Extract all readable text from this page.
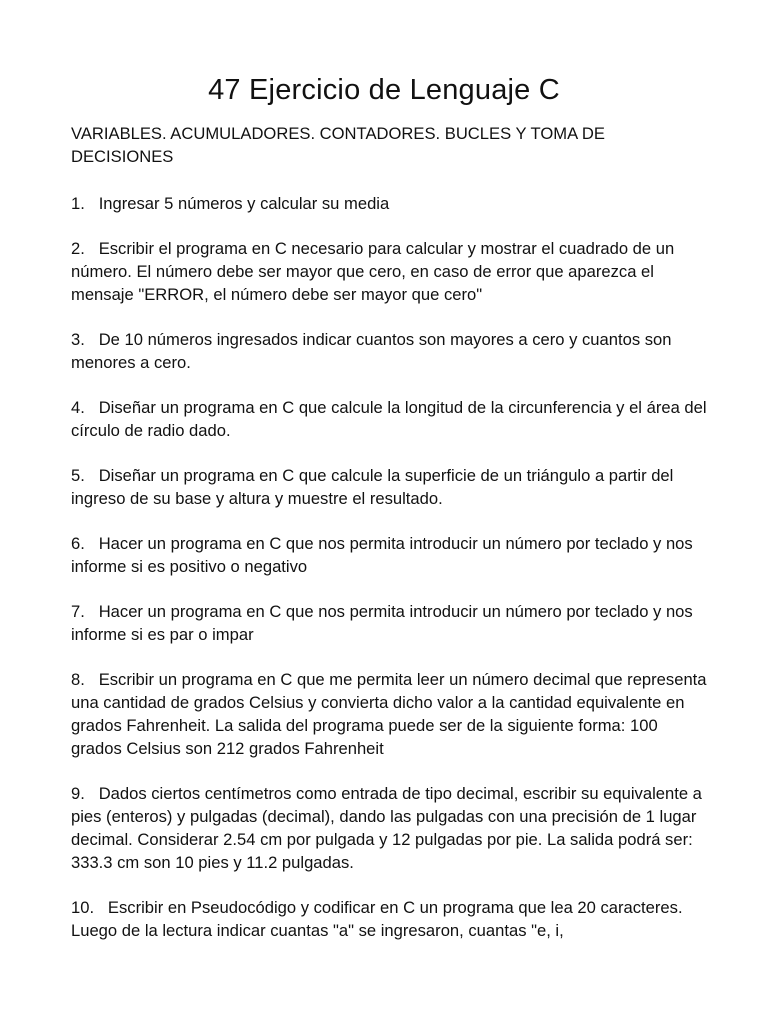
47 Ejercicio de Lenguaje C

VARIABLES. ACUMULADORES. CONTADORES. BUCLES Y TOMA DE DECISIONES

1. Ingresar 5 números y calcular su media

2. Escribir el programa en C necesario para calcular y mostrar el cuadrado de un número. El número debe ser mayor que cero, en caso de error que aparezca el mensaje "ERROR, el número debe ser mayor que cero"

3. De 10 números ingresados indicar cuantos son mayores a cero y cuantos son menores a cero.

4. Diseñar un programa en C que calcule la longitud de la circunferencia y el área del círculo de radio dado.

5. Diseñar un programa en C que calcule la superficie de un triángulo a partir del ingreso de su base y altura y muestre el resultado.

6. Hacer un programa en C que nos permita introducir un número por teclado y nos informe si es positivo o negativo

7. Hacer un programa en C que nos permita introducir un número por teclado y nos informe si es par o impar

8. Escribir un programa en C que me permita leer un número decimal que representa una cantidad de grados Celsius y convierta dicho valor a la cantidad equivalente en grados Fahrenheit. La salida del programa puede ser de la siguiente forma: 100 grados Celsius son 212 grados Fahrenheit

9. Dados ciertos centímetros como entrada de tipo decimal, escribir su equivalente a pies (enteros) y pulgadas (decimal), dando las pulgadas con una precisión de 1 lugar decimal. Considerar 2.54 cm por pulgada y 12 pulgadas por pie. La salida podrá ser: 333.3 cm son 10 pies y 11.2 pulgadas.

10. Escribir en Pseudocódigo y codificar en C un programa que lea 20 caracteres. Luego de la lectura indicar cuantas "a" se ingresaron, cuantas "e, i,
